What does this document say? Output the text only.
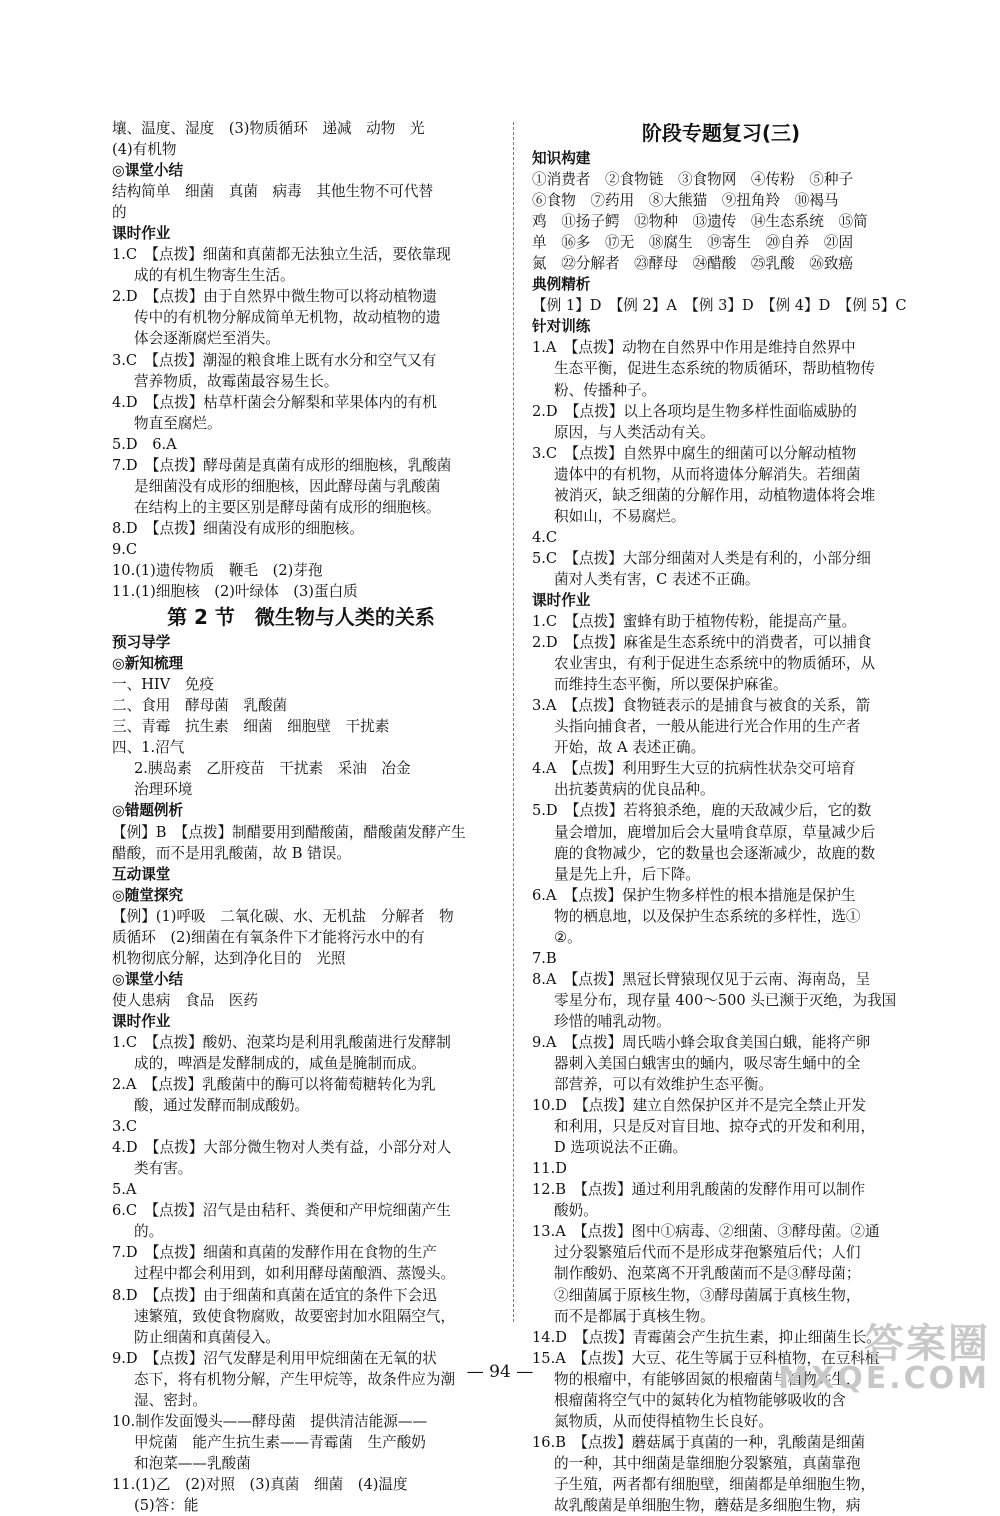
壤、温度、湿度　(3)物质循环　递减　动物　光
(4)有机物
◎课堂小结
结构简单　细菌　真菌　病毒　其他生物不可代替
的
课时作业
1.C　【点拨】细菌和真菌都无法独立生活，要依靠现
成的有机生物寄生生活。
2.D　【点拨】由于自然界中微生物可以将动植物遗
传中的有机物分解成简单无机物，故动植物的遗
体会逐渐腐烂至消失。
3.C　【点拨】潮湿的粮食堆上既有水分和空气又有
营养物质，故霉菌最容易生长。
4.D　【点拨】枯草杆菌会分解梨和苹果体内的有机
物直至腐烂。
5.D　6.A
7.D　【点拨】酵母菌是真菌有成形的细胞核，乳酸菌
是细菌没有成形的细胞核，因此酵母菌与乳酸菌
在结构上的主要区别是酵母菌有成形的细胞核。
8.D　【点拨】细菌没有成形的细胞核。
9.C
10.(1)遗传物质　鞭毛　(2)芽孢
11.(1)细胞核　(2)叶绿体　(3)蛋白质
第 2 节　微生物与人类的关系
预习导学
◎新知梳理
一、HIV　免疫
二、食用　酵母菌　乳酸菌
三、青霉　抗生素　细菌　细胞壁　干扰素
四、1.沼气
2.胰岛素　乙肝疫苗　干扰素　采油　冶金
治理环境
◎错题例析
【例】B　【点拨】制醋要用到醋酸菌，醋酸菌发酵产生
醋酸，而不是用乳酸菌，故 B 错误。
互动课堂
◎随堂探究
【例】(1)呼吸　二氧化碳、水、无机盐　分解者　物
质循环　(2)细菌在有氧条件下才能将污水中的有
机物彻底分解，达到净化目的　光照
◎课堂小结
使人患病　食品　医药
课时作业
1.C　【点拨】酸奶、泡菜均是利用乳酸菌进行发酵制
成的，啤酒是发酵制成的，咸鱼是腌制而成。
2.A　【点拨】乳酸菌中的酶可以将葡萄糖转化为乳
酸，通过发酵而制成酸奶。
3.C
4.D　【点拨】大部分微生物对人类有益，小部分对人
类有害。
5.A
6.C　【点拨】沼气是由秸秆、粪便和产甲烷细菌产生
的。
7.D　【点拨】细菌和真菌的发酵作用在食物的生产
过程中都会利用到，如利用酵母菌酿酒、蒸馒头。
8.D　【点拨】由于细菌和真菌在适宜的条件下会迅
速繁殖，致使食物腐败，故要密封加水阻隔空气，
防止细菌和真菌侵入。
9.D　【点拨】沼气发酵是利用甲烷细菌在无氧的状
态下，将有机物分解，产生甲烷等，故条件应为潮
湿、密封。
10.制作发面馒头——酵母菌　提供清洁能源——
甲烷菌　能产生抗生素——青霉菌　生产酸奶
和泡菜——乳酸菌
11.(1)乙　(2)对照　(3)真菌　细菌　(4)温度
(5)答：能
阶段专题复习(三)
知识构建
①消费者　②食物链　③食物网　④传粉　⑤种子
⑥食物　⑦药用　⑧大熊猫　⑨扭角羚　⑩褐马
鸡　⑪扬子鳄　⑫物种　⑬遗传　⑭生态系统　⑮简
单　⑯多　⑰无　⑱腐生　⑲寄生　⑳自养　㉑固
氮　㉒分解者　㉓酵母　㉔醋酸　㉕乳酸　㉖致癌
典例精析
【例 1】D　【例 2】A　【例 3】D　【例 4】D　【例 5】C
针对训练
1.A　【点拨】动物在自然界中作用是维持自然界中
生态平衡，促进生态系统的物质循环，帮助植物传
粉、传播种子。
2.D　【点拨】以上各项均是生物多样性面临威胁的
原因，与人类活动有关。
3.C　【点拨】自然界中腐生的细菌可以分解动植物
遗体中的有机物，从而将遗体分解消失。若细菌
被消灭，缺乏细菌的分解作用，动植物遗体将会堆
积如山，不易腐烂。
4.C
5.C　【点拨】大部分细菌对人类是有利的，小部分细
菌对人类有害，C 表述不正确。
课时作业
1.C　【点拨】蜜蜂有助于植物传粉，能提高产量。
2.D　【点拨】麻雀是生态系统中的消费者，可以捕食
农业害虫，有利于促进生态系统中的物质循环，从
而维持生态平衡，所以要保护麻雀。
3.A　【点拨】食物链表示的是捕食与被食的关系，箭
头指向捕食者，一般从能进行光合作用的生产者
开始，故 A 表述正确。
4.A　【点拨】利用野生大豆的抗病性状杂交可培育
出抗萎黄病的优良品种。
5.D　【点拨】若将狼杀绝，鹿的天敌减少后，它的数
量会增加，鹿增加后会大量啃食草原，草量减少后
鹿的食物减少，它的数量也会逐渐减少，故鹿的数
量是先上升，后下降。
6.A　【点拨】保护生物多样性的根本措施是保护生
物的栖息地，以及保护生态系统的多样性，选①
②。
7.B
8.A　【点拨】黑冠长臂猿现仅见于云南、海南岛，呈
零星分布，现存量 400～500 头已濒于灭绝，为我国
珍惜的哺乳动物。
9.A　【点拨】周氏啮小蜂会取食美国白蛾，能将产卵
器刺入美国白蛾害虫的蛹内，吸尽寄生蛹中的全
部营养，可以有效维护生态平衡。
10.D　【点拨】建立自然保护区并不是完全禁止开发
和利用，只是反对盲目地、掠夺式的开发和利用，
D 选项说法不正确。
11.D
12.B　【点拨】通过利用乳酸菌的发酵作用可以制作
酸奶。
13.A　【点拨】图中①病毒、②细菌、③酵母菌。②通
过分裂繁殖后代而不是形成芽孢繁殖后代；人们
制作酸奶、泡菜离不开乳酸菌而不是③酵母菌；
②细菌属于原核生物，③酵母菌属于真核生物，
而不是都属于真核生物。
14.D　【点拨】青霉菌会产生抗生素，抑止细菌生长。
15.A　【点拨】大豆、花生等属于豆科植物，在豆科植
物的根瘤中，有能够固氮的根瘤菌与植物共生，
根瘤菌将空气中的氮转化为植物能够吸收的含
氮物质，从而使得植物生长良好。
16.B　【点拨】蘑菇属于真菌的一种，乳酸菌是细菌
的一种，其中细菌是靠细胞分裂繁殖，真菌靠孢
子生殖，两者都有细胞壁，细菌都是单细胞生物，
故乳酸菌是单细胞生物，蘑菇是多细胞生物，病
— 94 —
答案圈
MXQE.COM
